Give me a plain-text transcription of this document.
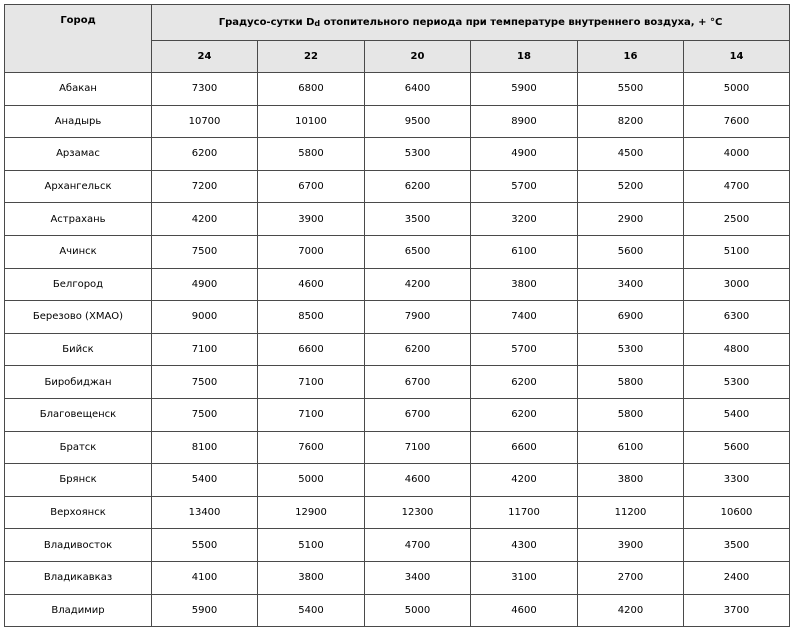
Город	Градусо-сутки Dd отопительного периода при температуре внутреннего воздуха, + °С					
	24	22	20	18	16	14
Абакан	7300	6800	6400	5900	5500	5000
Анадырь	10700	10100	9500	8900	8200	7600
Арзамас	6200	5800	5300	4900	4500	4000
Архангельск	7200	6700	6200	5700	5200	4700
Астрахань	4200	3900	3500	3200	2900	2500
Ачинск	7500	7000	6500	6100	5600	5100
Белгород	4900	4600	4200	3800	3400	3000
Березово (ХМАО)	9000	8500	7900	7400	6900	6300
Бийск	7100	6600	6200	5700	5300	4800
Биробиджан	7500	7100	6700	6200	5800	5300
Благовещенск	7500	7100	6700	6200	5800	5400
Братск	8100	7600	7100	6600	6100	5600
Брянск	5400	5000	4600	4200	3800	3300
Верхоянск	13400	12900	12300	11700	11200	10600
Владивосток	5500	5100	4700	4300	3900	3500
Владикавказ	4100	3800	3400	3100	2700	2400
Владимир	5900	5400	5000	4600	4200	3700
